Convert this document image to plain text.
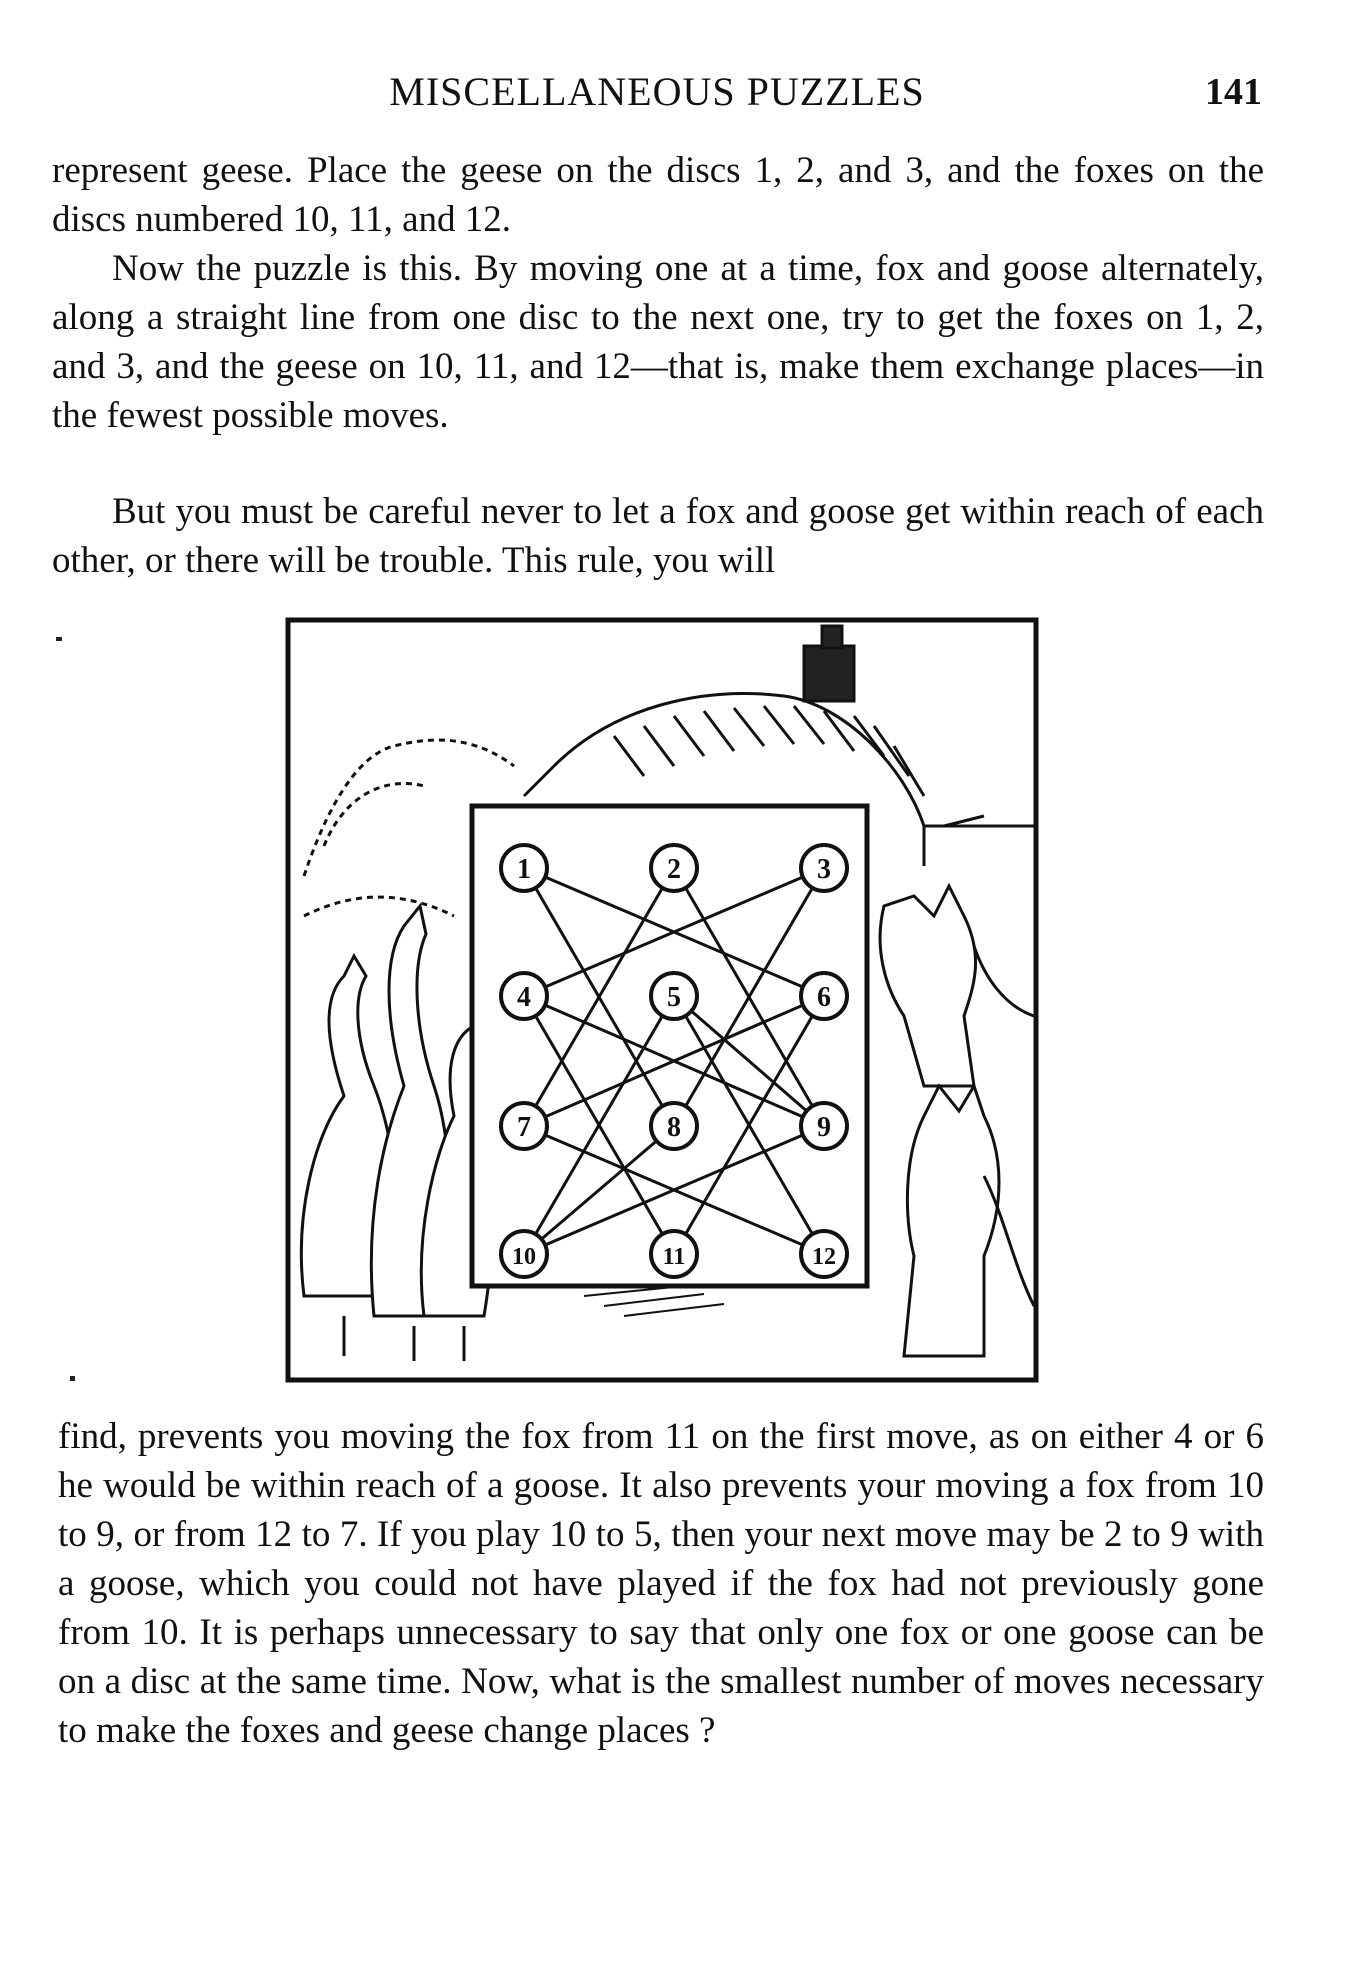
MISCELLANEOUS PUZZLES	141

represent geese. Place the geese on the discs 1, 2, and 3, and the foxes on the discs numbered 10, 11, and 12.

Now the puzzle is this. By moving one at a time, fox and goose alternately, along a straight line from one disc to the next one, try to get the foxes on 1, 2, and 3, and the geese on 10, 11, and 12—that is, make them exchange places—in the fewest possible moves.

But you must be careful never to let a fox and goose get within reach of each other, or there will be trouble. This rule, you will

1	2	3
4	5	6
7	8	9
10	11	12

find, prevents you moving the fox from 11 on the first move, as on either 4 or 6 he would be within reach of a goose. It also prevents your moving a fox from 10 to 9, or from 12 to 7. If you play 10 to 5, then your next move may be 2 to 9 with a goose, which you could not have played if the fox had not previously gone from 10. It is perhaps unnecessary to say that only one fox or one goose can be on a disc at the same time. Now, what is the smallest number of moves necessary to make the foxes and geese change places ?
